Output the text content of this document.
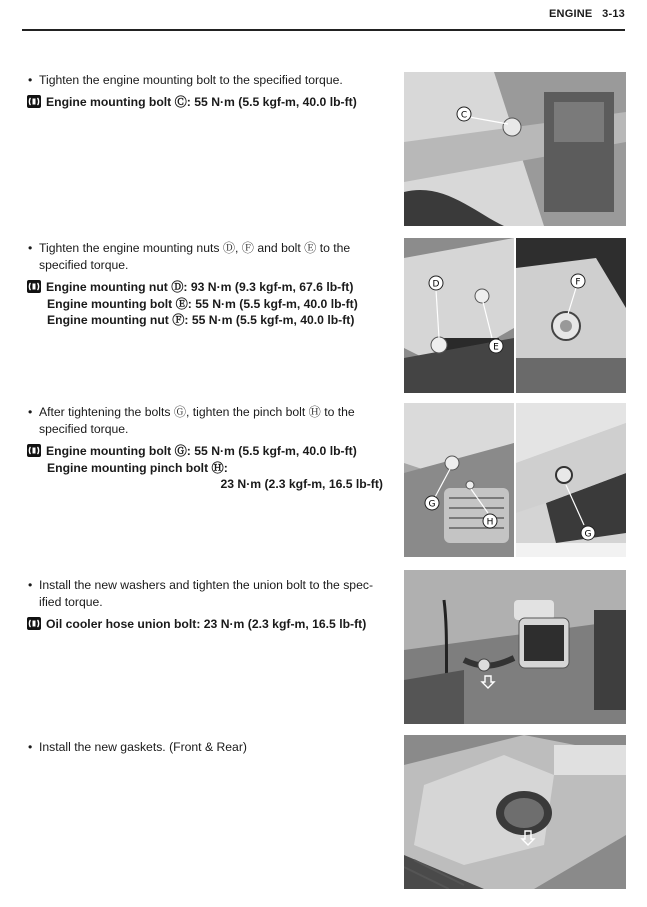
ENGINE 3-13
• Tighten the engine mounting bolt to the specified torque.
Engine mounting bolt Ⓒ: 55 N·m (5.5 kgf-m, 40.0 lb-ft)
C
• Tighten the engine mounting nuts Ⓓ, Ⓕ and bolt Ⓔ to the
specified torque.
Engine mounting nut Ⓓ: 93 N·m (9.3 kgf-m, 67.6 lb-ft)
Engine mounting bolt Ⓔ: 55 N·m (5.5 kgf-m, 40.0 lb-ft)
Engine mounting nut Ⓕ: 55 N·m (5.5 kgf-m, 40.0 lb-ft)
D
E
F
• After tightening the bolts Ⓖ, tighten the pinch bolt Ⓗ to the
specified torque.
Engine mounting bolt Ⓖ: 55 N·m (5.5 kgf-m, 40.0 lb-ft)
Engine mounting pinch bolt Ⓗ:
23 N·m (2.3 kgf-m, 16.5 lb-ft)
G
H
G
• Install the new washers and tighten the union bolt to the spec-
ified torque.
Oil cooler hose union bolt: 23 N·m (2.3 kgf-m, 16.5 lb-ft)
• Install the new gaskets. (Front & Rear)
